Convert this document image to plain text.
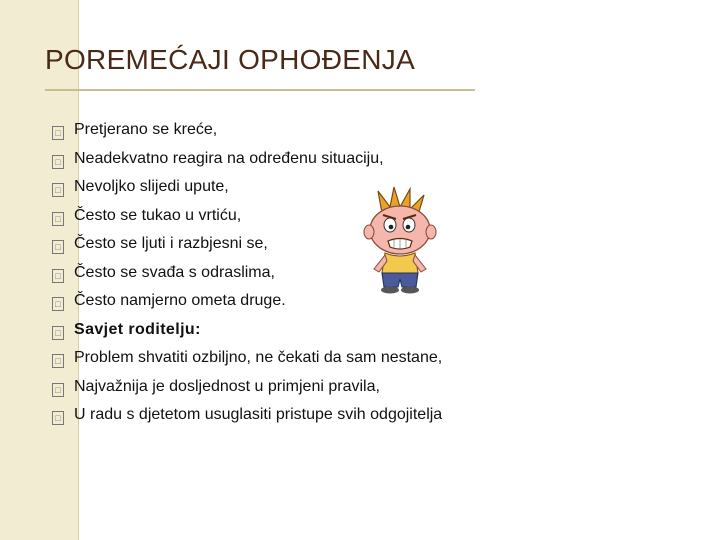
POREMEĆAJI OPHOĐENJA
□ Pretjerano se kreće,
□ Neadekvatno reagira na određenu situaciju,
□ Nevoljko slijedi upute,
□ Često se tukao u vrtiću,
□ Često se ljuti i razbjesni se,
□ Često se svađa s odraslima,
□ Često namjerno ometa druge.
□ Savjet roditelju:
□ Problem shvatiti ozbiljno, ne čekati da sam nestane,
□ Najvažnija je dosljednost u primjeni pravila,
□ U radu s djetetom usuglasiti pristupe svih odgojitelja
